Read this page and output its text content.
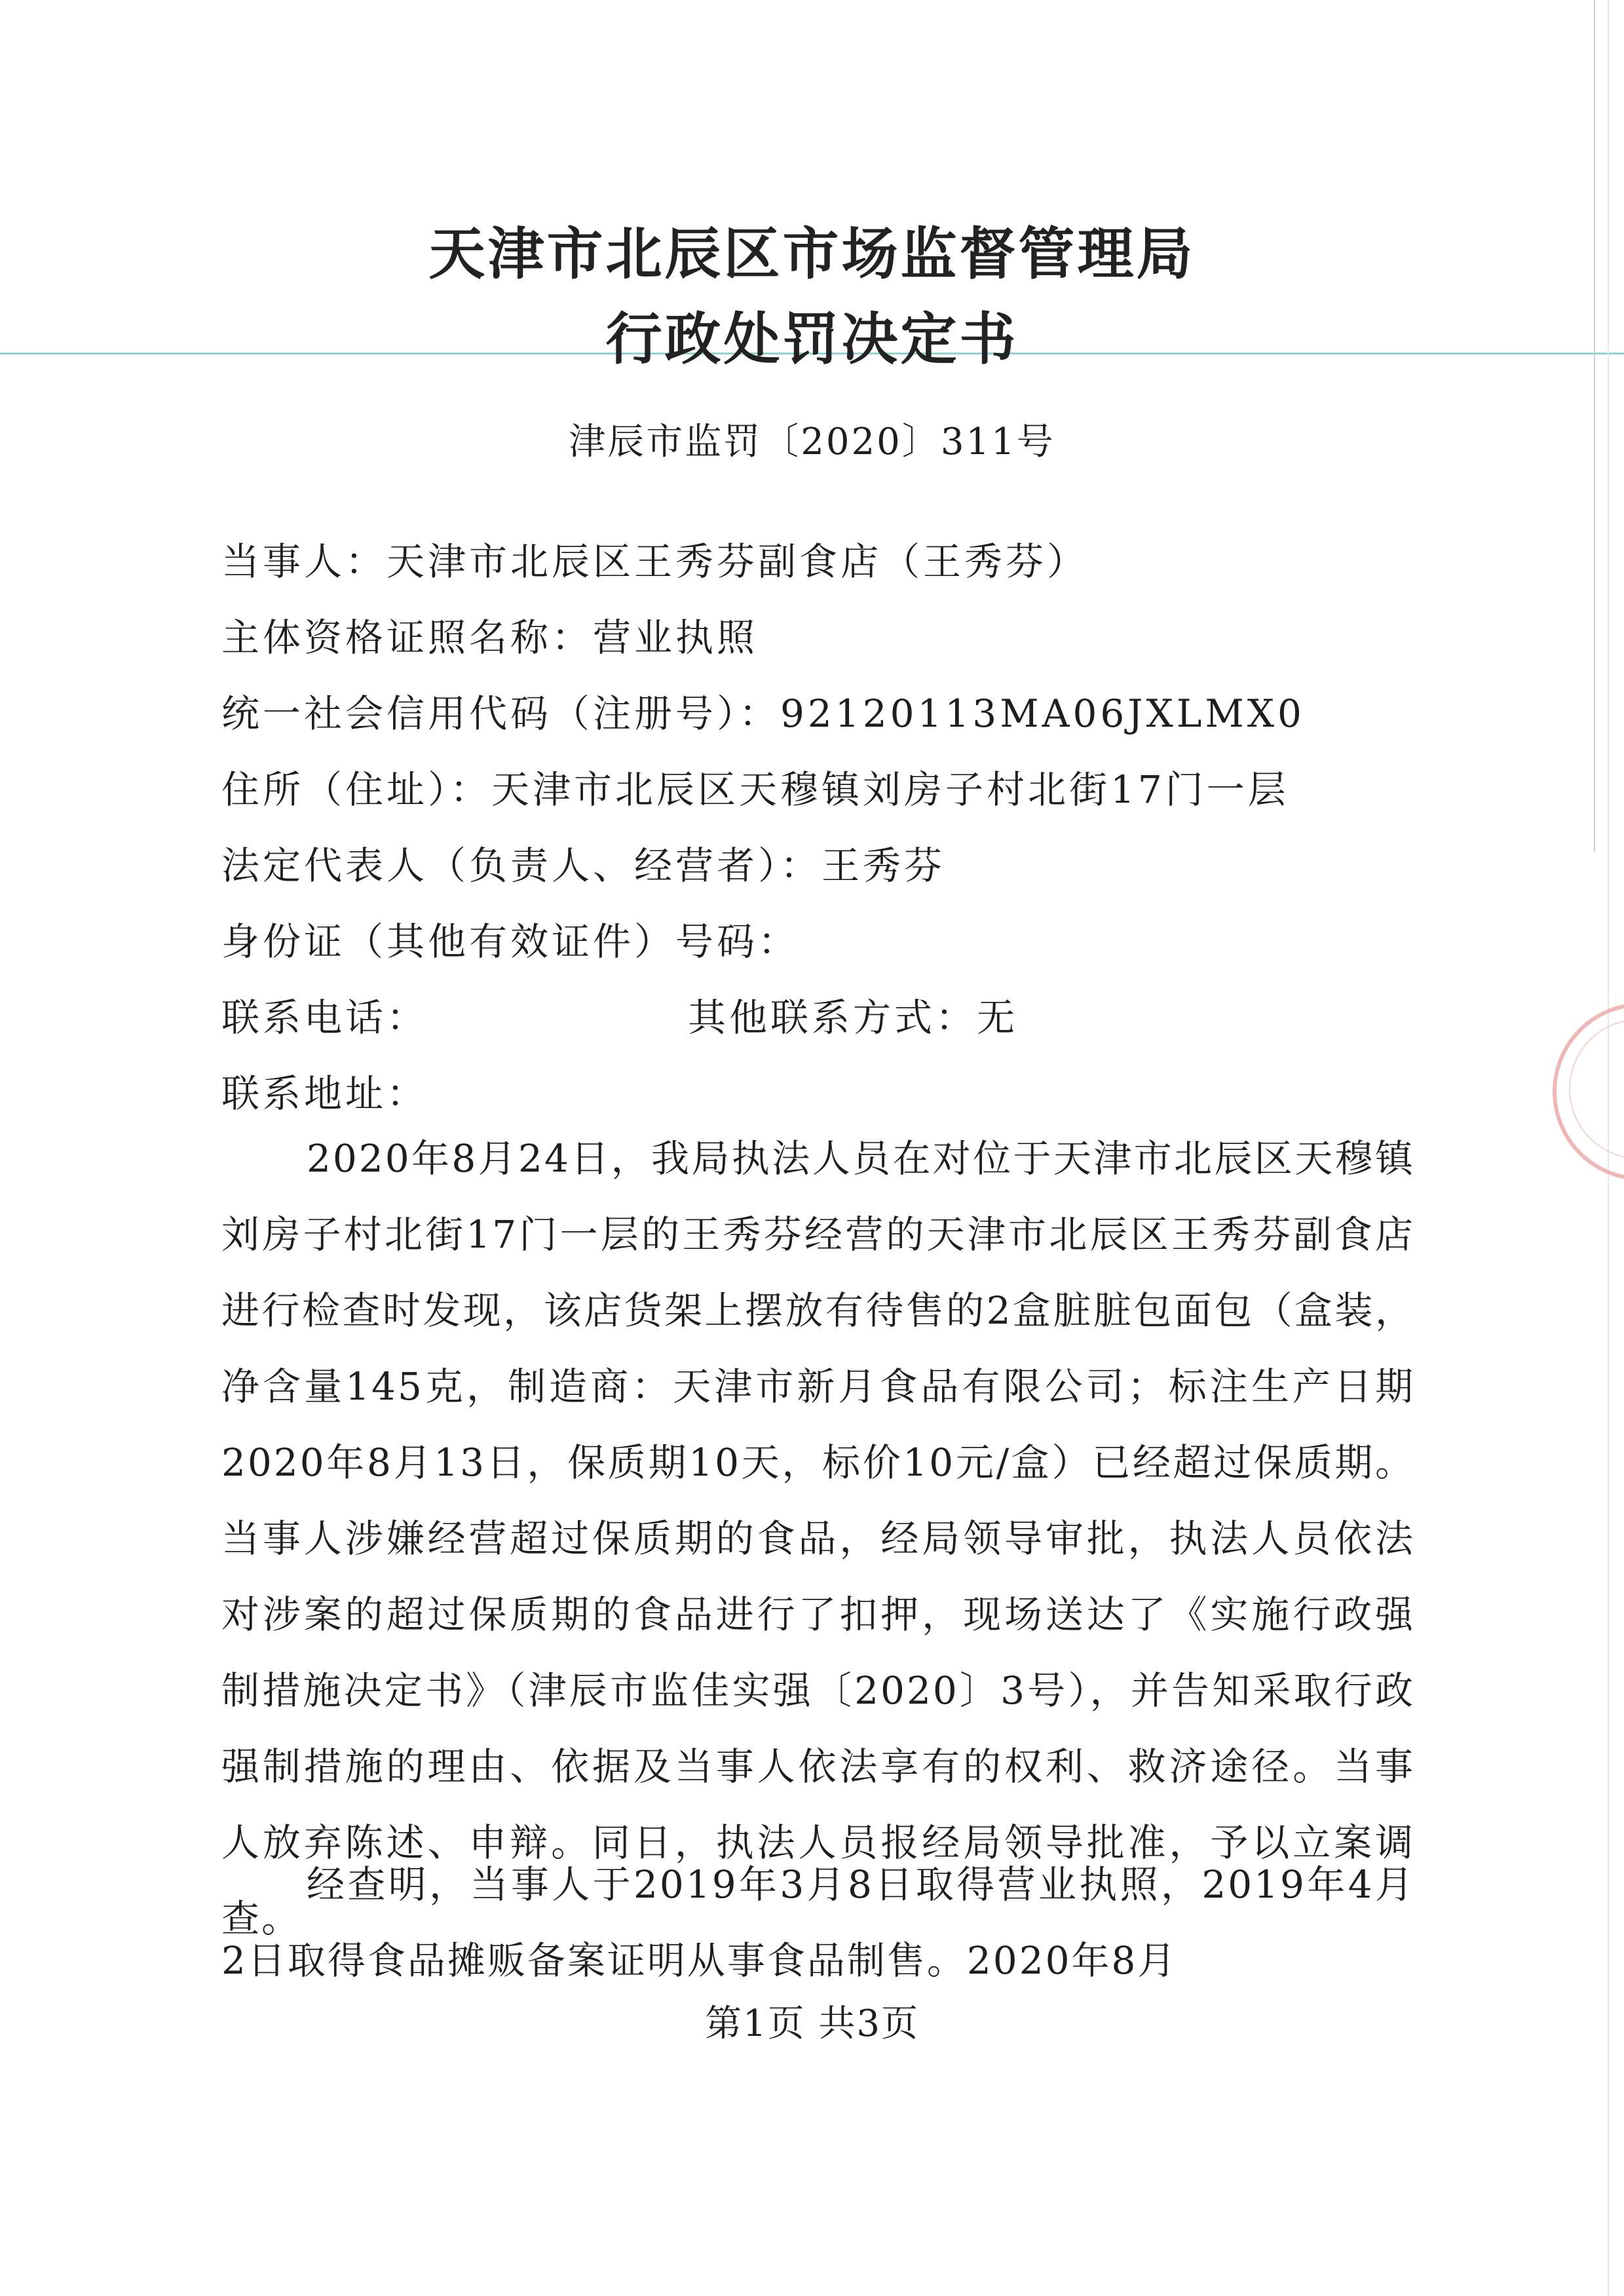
天津市北辰区市场监督管理局
行政处罚决定书
津辰市监罚〔2020〕311号
当事人：天津市北辰区王秀芬副食店（王秀芬）
主体资格证照名称：营业执照
统一社会信用代码（注册号）：92120113MA06JXLMX0
住所（住址）：天津市北辰区天穆镇刘房子村北街17门一层
法定代表人（负责人、经营者）：王秀芬
身份证（其他有效证件）号码：
联系电话：	其他联系方式：无
联系地址：
2020年8月24日，我局执法人员在对位于天津市北辰区天穆镇刘房子村北街17门一层的王秀芬经营的天津市北辰区王秀芬副食店进行检查时发现，该店货架上摆放有待售的2盒脏脏包面包（盒装，净含量145克，制造商：天津市新月食品有限公司；标注生产日期2020年8月13日，保质期10天，标价10元/盒）已经超过保质期。当事人涉嫌经营超过保质期的食品，经局领导审批，执法人员依法对涉案的超过保质期的食品进行了扣押，现场送达了《实施行政强制措施决定书》（津辰市监佳实强〔2020〕3号），并告知采取行政强制措施的理由、依据及当事人依法享有的权利、救济途径。当事人放弃陈述、申辩。同日，执法人员报经局领导批准，予以立案调查。
经查明，当事人于2019年3月8日取得营业执照，2019年4月2日取得食品摊贩备案证明从事食品制售。2020年8月
第1页 共3页
